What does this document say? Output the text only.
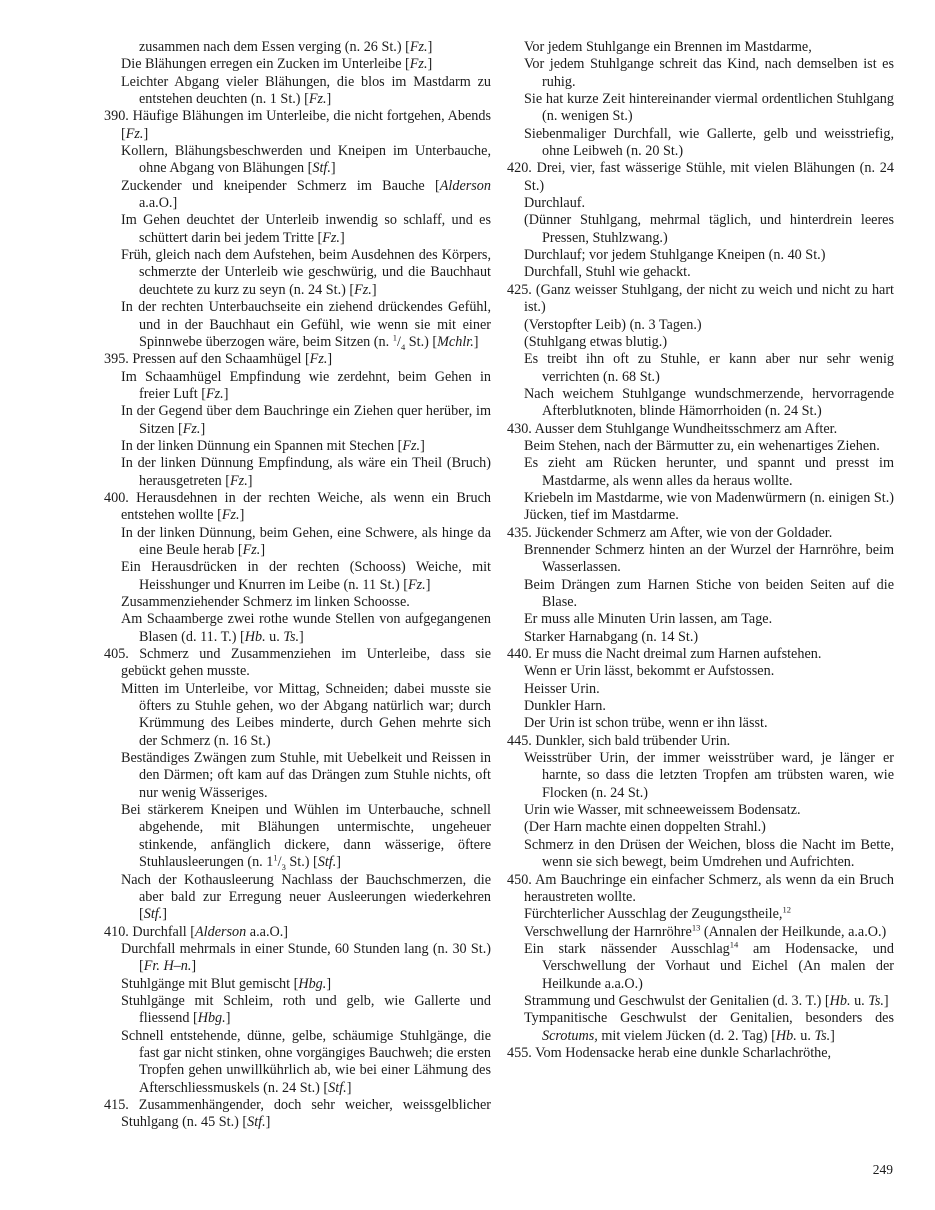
zusammen nach dem Essen verging (n. 26 St.) [Fz.]

Die Blähungen erregen ein Zucken im Unterleibe [Fz.]

Leichter Abgang vieler Blähungen, die blos im Mastdarm zu entstehen deuchten (n. 1 St.) [Fz.]

390. Häufige Blähungen im Unterleibe, die nicht fortgehen, Abends [Fz.]

Kollern, Blähungsbeschwerden und Kneipen im Unterbauche, ohne Abgang von Blähungen [Stf.]

Zuckender und kneipender Schmerz im Bauche [Alderson a.a.O.]

Im Gehen deuchtet der Unterleib inwendig so schlaff, und es schüttert darin bei jedem Tritte [Fz.]

Früh, gleich nach dem Aufstehen, beim Ausdehnen des Körpers, schmerzte der Unterleib wie geschwürig, und die Bauchhaut deuchtete zu kurz zu seyn (n. 24 St.) [Fz.]

In der rechten Unterbauchseite ein ziehend drückendes Gefühl, und in der Bauchhaut ein Gefühl, wie wenn sie mit einer Spinnwebe überzogen wäre, beim Sitzen (n. $^1/_4$ St.) [Mchlr.]

395. Pressen auf den Schaamhügel [Fz.]

Im Schaamhügel Empfindung wie zerdehnt, beim Gehen in freier Luft [Fz.]

In der Gegend über dem Bauchringe ein Ziehen quer herüber, im Sitzen [Fz.]

In der linken Dünnung ein Spannen mit Stechen [Fz.]

In der linken Dünnung Empfindung, als wäre ein Theil (Bruch) herausgetreten [Fz.]

400. Herausdehnen in der rechten Weiche, als wenn ein Bruch entstehen wollte [Fz.]

In der linken Dünnung, beim Gehen, eine Schwere, als hinge da eine Beule herab [Fz.]

Ein Herausdrücken in der rechten (Schooss) Weiche, mit Heisshunger und Knurren im Leibe (n. 11 St.) [Fz.]

Zusammenziehender Schmerz im linken Schoosse.

Am Schaamberge zwei rothe wunde Stellen von aufgegangenen Blasen (d. 11. T.) [Hb. u. Ts.]

405. Schmerz und Zusammenziehen im Unterleibe, dass sie gebückt gehen musste.

Mitten im Unterleibe, vor Mittag, Schneiden; dabei musste sie öfters zu Stuhle gehen, wo der Abgang natürlich war; durch Krümmung des Leibes minderte, durch Gehen mehrte sich der Schmerz (n. 16 St.)

Beständiges Zwängen zum Stuhle, mit Uebelkeit und Reissen in den Därmen; oft kam auf das Drängen zum Stuhle nichts, oft nur wenig Wässeriges.

Bei stärkerem Kneipen und Wühlen im Unterbauche, schnell abgehende, mit Blähungen untermischte, ungeheuer stinkende, anfänglich dickere, dann wässerige, öftere Stuhlausleerungen (n. $1^1/_3$ St.) [Stf.]

Nach der Kothausleerung Nachlass der Bauchschmerzen, die aber bald zur Erregung neuer Ausleerungen wiederkehren [Stf.]

410. Durchfall [Alderson a.a.O.]

Durchfall mehrmals in einer Stunde, 60 Stunden lang (n. 30 St.) [Fr. H–n.]

Stuhlgänge mit Blut gemischt [Hbg.]

Stuhlgänge mit Schleim, roth und gelb, wie Gallerte und fliessend [Hbg.]

Schnell entstehende, dünne, gelbe, schäumige Stuhlgänge, die fast gar nicht stinken, ohne vorgängiges Bauchweh; die ersten Tropfen gehen unwillkührlich ab, wie bei einer Lähmung des Afterschliessmuskels (n. 24 St.) [Stf.]

415. Zusammenhängender, doch sehr weicher, weissgelblicher Stuhlgang (n. 45 St.) [Stf.]

Vor jedem Stuhlgange ein Brennen im Mastdarme,

Vor jedem Stuhlgange schreit das Kind, nach demselben ist es ruhig.

Sie hat kurze Zeit hintereinander viermal ordentlichen Stuhlgang (n. wenigen St.)

Siebenmaliger Durchfall, wie Gallerte, gelb und weisstriefig, ohne Leibweh (n. 20 St.)

420. Drei, vier, fast wässerige Stühle, mit vielen Blähungen (n. 24 St.)

Durchlauf.

(Dünner Stuhlgang, mehrmal täglich, und hinterdrein leeres Pressen, Stuhlzwang.)

Durchlauf; vor jedem Stuhlgange Kneipen (n. 40 St.)

Durchfall, Stuhl wie gehackt.

425. (Ganz weisser Stuhlgang, der nicht zu weich und nicht zu hart ist.)

(Verstopfter Leib) (n. 3 Tagen.)

(Stuhlgang etwas blutig.)

Es treibt ihn oft zu Stuhle, er kann aber nur sehr wenig verrichten (n. 68 St.)

Nach weichem Stuhlgange wundschmerzende, hervorragende Afterblutknoten, blinde Hämorrhoiden (n. 24 St.)

430. Ausser dem Stuhlgange Wundheitsschmerz am After.

Beim Stehen, nach der Bärmutter zu, ein wehenartiges Ziehen.

Es zieht am Rücken herunter, und spannt und presst im Mastdarme, als wenn alles da heraus wollte.

Kriebeln im Mastdarme, wie von Madenwürmern (n. einigen St.)

Jücken, tief im Mastdarme.

435. Jückender Schmerz am After, wie von der Goldader.

Brennender Schmerz hinten an der Wurzel der Harnröhre, beim Wasserlassen.

Beim Drängen zum Harnen Stiche von beiden Seiten auf die Blase.

Er muss alle Minuten Urin lassen, am Tage.

Starker Harnabgang (n. 14 St.)

440. Er muss die Nacht dreimal zum Harnen aufstehen.

Wenn er Urin lässt, bekommt er Aufstossen.

Heisser Urin.

Dunkler Harn.

Der Urin ist schon trübe, wenn er ihn lässt.

445. Dunkler, sich bald trübender Urin.

Weisstrüber Urin, der immer weisstrüber ward, je länger er harnte, so dass die letzten Tropfen am trübsten waren, wie Flocken (n. 24 St.)

Urin wie Wasser, mit schneeweissem Bodensatz.

(Der Harn machte einen doppelten Strahl.)

Schmerz in den Drüsen der Weichen, bloss die Nacht im Bette, wenn sie sich bewegt, beim Umdrehen und Aufrichten.

450. Am Bauchringe ein einfacher Schmerz, als wenn da ein Bruch heraustreten wollte.

Fürchterlicher Ausschlag der Zeugungstheile,$^{12}$

Verschwellung der Harnröhre$^{13}$ (Annalen der Heilkunde, a.a.O.)

Ein stark nässender Ausschlag$^{14}$ am Hodensacke, und Verschwellung der Vorhaut und Eichel (An malen der Heilkunde a.a.O.)

Strammung und Geschwulst der Genitalien (d. 3. T.) [Hb. u. Ts.]

Tympanitische Geschwulst der Genitalien, besonders des Scrotums, mit vielem Jücken (d. 2. Tag) [Hb. u. Ts.]

455. Vom Hodensacke herab eine dunkle Scharlachröthe,

249
